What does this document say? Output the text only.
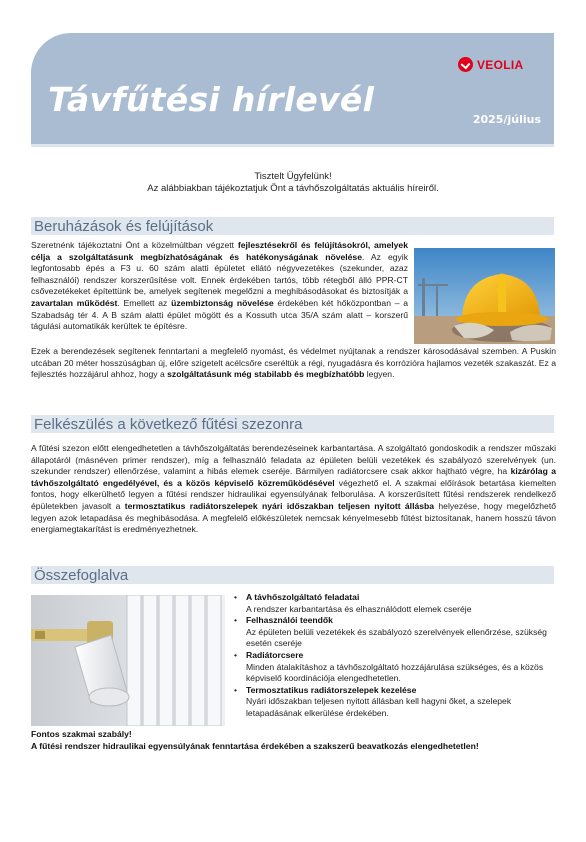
Távfűtési hírlevél
2025/július
VEOLIA
Tisztelt Ügyfelünk!
Az alábbiakban tájékoztatjuk Önt a távhőszolgáltatás aktuális híreiről.
Beruházások és felújítások
Szeretnénk tájékoztatni Önt a közelmúltban végzett fejlesztésekről és felújításokról, amelyek célja a szolgáltatásunk megbízhatóságának és hatékonyságának növelése. Az egyik legfontosabb épés a F3 u. 60 szám alatti épületet ellátó négyvezetékes (szekunder, azaz felhasználói) rendszer korszerűsítése volt. Ennek érdekében tartós, több rétegből álló PPR-CT csővezetékeket építettünk be, amelyek segítenek megelőzni a meghibásodásokat és biztosítják a zavartalan működést. Emellett az üzembiztonság növelése érdekében két hőközpontban – a Szabadság tér 4. A B szám alatti épület mögött és a Kossuth utca 35/A szám alatt – korszerű tágulási automatikák kerültek te építésre.
Ezek a berendezések segítenek fenntartani a megfelelő nyomást, és védelmet nyújtanak a rendszer károsodásával szemben. A Puskin utcában 20 méter hosszúságban új, előre szigetelt acélcsőre cseréltük a régi, nyugadásra és korrózióra hajlamos vezeték szakaszát. Ez a fejlesztés hozzájárul ahhoz, hogy a szolgáltatásunk még stabilabb és megbízhatóbb legyen.
Felkészülés a következő fűtési szezonra
A fűtési szezon előtt elengedhetetlen a távhőszolgáltatás berendezéseinek karbantartása. A szolgáltató gondoskodik a rendszer műszaki állapotáról (másnéven primer rendszer), míg a felhasználó feladata az épületen belüli vezetékek és szabályozó szerelvények (un. szekunder rendszer) ellenőrzése, valamint a hibás elemek cseréje. Bármilyen radiátorcsere csak akkor hajtható végre, ha kizárólag a távhőszolgáltató engedélyével, és a közös képviselő közreműködésével végezhető el. A szakmai előírások betartása kiemelten fontos, hogy elkerülhető legyen a fűtési rendszer hidraulikai egyensúlyának felborulása. A korszerűsített fűtési rendszerek rendelkező épületekben javasolt a termosztatikus radiátorszelepek nyári időszakban teljesen nyitott állásba helyezése, hogy megelőzhető legyen azok letapadása és meghibásodása. A megfelelő előkészületek nemcsak kényelmesebb fűtést biztosítanak, hanem hosszú távon energiamegtakarítást is eredményezhetnek.
Összefoglalva
• A távhőszolgáltató feladatai
A rendszer karbantartása és elhasználódott elemek cseréje
• Felhasználói teendők
Az épületen belüli vezetékek és szabályozó szerelvények ellenőrzése, szükség esetén cseréje
• Radiátorcsere
Minden átalakításhoz a távhőszolgáltató hozzájárulása szükséges, és a közös képviselő koordinációja elengedhetetlen.
• Termosztatikus radiátorszelepek kezelése
Nyári időszakban teljesen nyitott állásban kell hagyni őket, a szelepek letapadásának elkerülése érdekében.
Fontos szakmai szabály!
A fűtési rendszer hidraulikai egyensúlyának fenntartása érdekében a szakszerű beavatkozás elengedhetetlen!
